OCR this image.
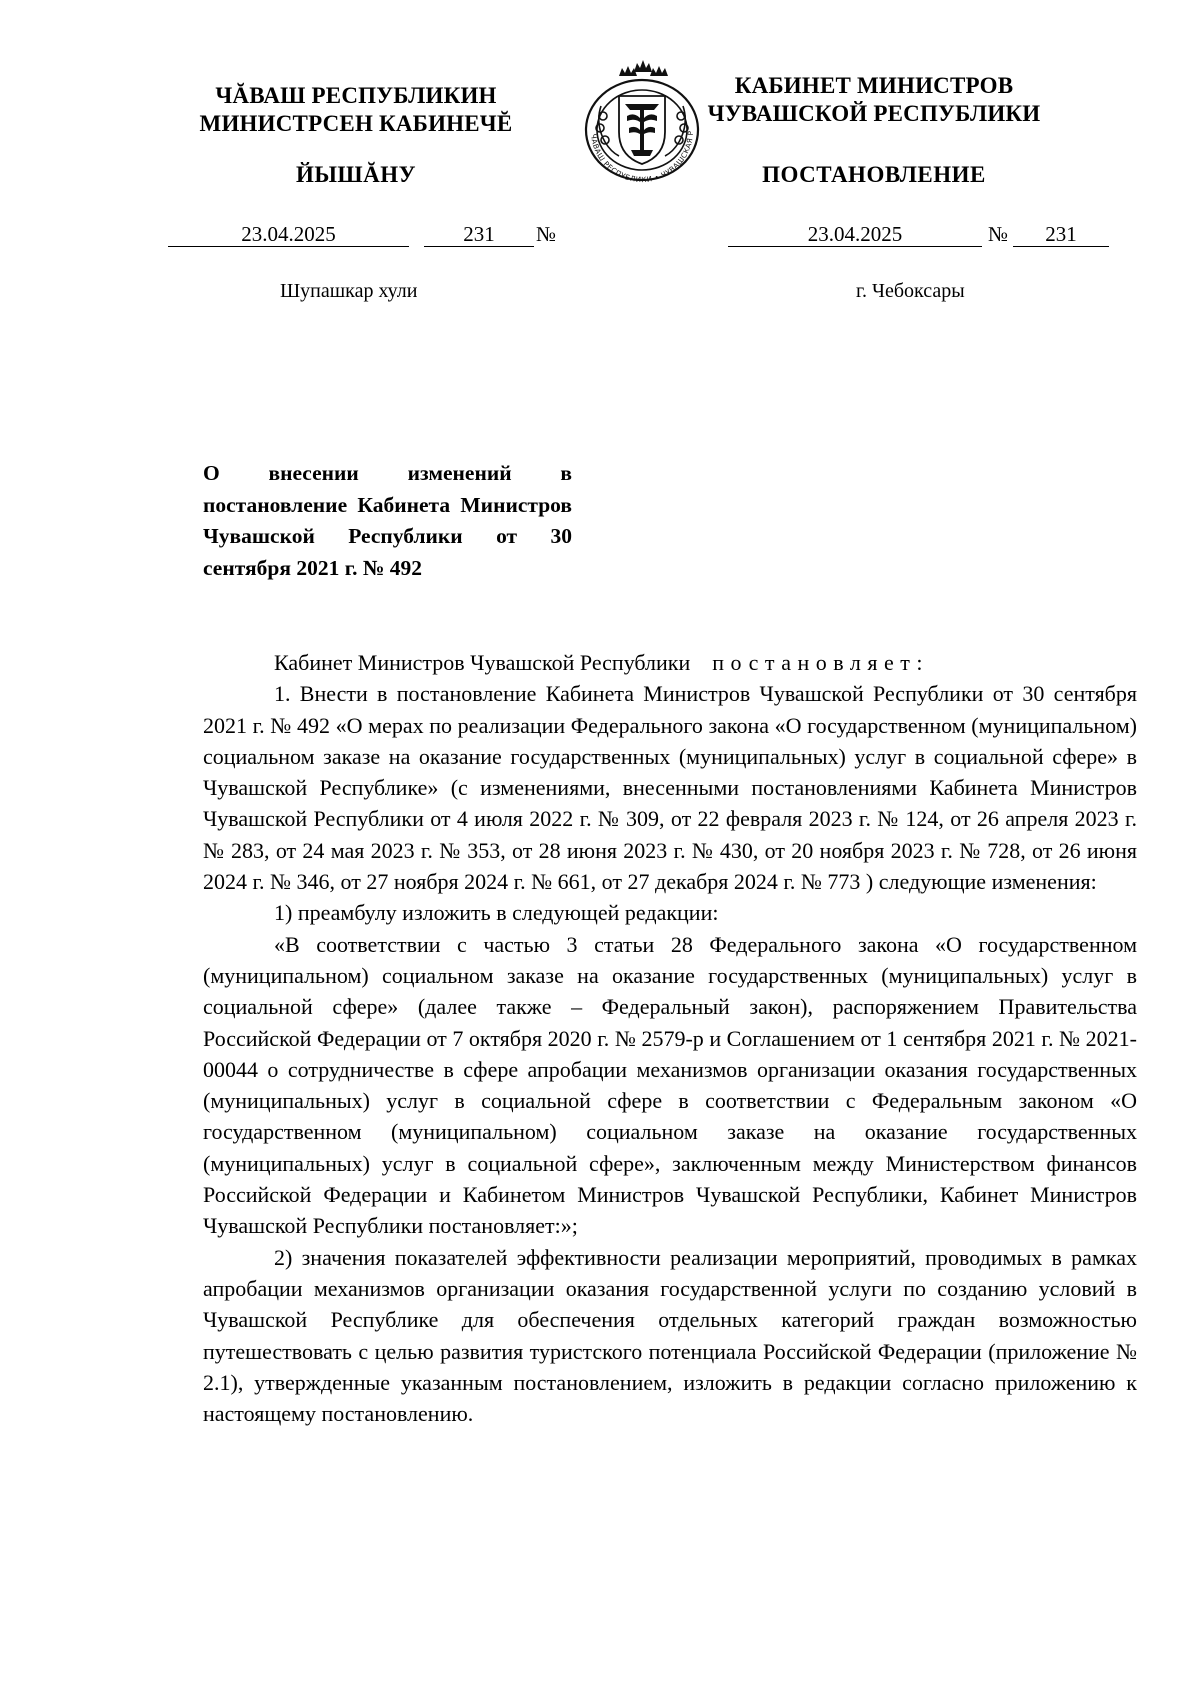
ЧĂВАШ РЕСПУБЛИКИН
МИНИСТРСЕН КАБИНЕЧĔ
ЙЫШĂНУ
ЧĂВАШ РЕСПУБЛИКИ • ЧУВАШСКАЯ Р
КАБИНЕТ МИНИСТРОВ
ЧУВАШСКОЙ РЕСПУБЛИКИ
ПОСТАНОВЛЕНИЕ
23.04.2025	231	№	23.04.2025	№	231
Шупашкар хули	г. Чебоксары
О внесении изменений в постановление Кабинета Министров Чувашской Республики от 30 сентября 2021 г. № 492

Кабинет Министров Чувашской Республики постановляет:

1. Внести в постановление Кабинета Министров Чувашской Республики от 30 сентября 2021 г. № 492 «О мерах по реализации Федерального закона «О государственном (муниципальном) социальном заказе на оказание государственных (муниципальных) услуг в социальной сфере» в Чувашской Республике» (с изменениями, внесенными постановлениями Кабинета Министров Чувашской Республики от 4 июля 2022 г. № 309, от 22 февраля 2023 г. № 124, от 26 апреля 2023 г. № 283, от 24 мая 2023 г. № 353, от 28 июня 2023 г. № 430, от 20 ноября 2023 г. № 728, от 26 июня 2024 г. № 346, от 27 ноября 2024 г. № 661, от 27 декабря 2024 г. № 773 ) следующие изменения:

1) преамбулу изложить в следующей редакции:

«В соответствии с частью 3 статьи 28 Федерального закона «О государственном (муниципальном) социальном заказе на оказание государственных (муниципальных) услуг в социальной сфере» (далее также – Федеральный закон), распоряжением Правительства Российской Федерации от 7 октября 2020 г. № 2579-р и Соглашением от 1 сентября 2021 г. № 2021-00044 о сотрудничестве в сфере апробации механизмов организации оказания государственных (муниципальных) услуг в социальной сфере в соответствии с Федеральным законом «О государственном (муниципальном) социальном заказе на оказание государственных (муниципальных) услуг в социальной сфере», заключенным между Министерством финансов Российской Федерации и Кабинетом Министров Чувашской Республики, Кабинет Министров Чувашской Республики постановляет:»;

2) значения показателей эффективности реализации мероприятий, проводимых в рамках апробации механизмов организации оказания государственной услуги по созданию условий в Чувашской Республике для обеспечения отдельных категорий граждан возможностью путешествовать с целью развития туристского потенциала Российской Федерации (приложение № 2.1), утвержденные указанным постановлением, изложить в редакции согласно приложению к настоящему постановлению.
